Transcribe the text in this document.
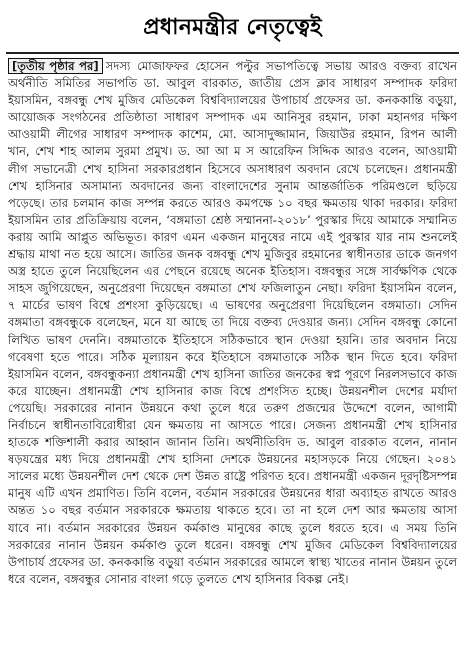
প্রধানমন্ত্রীর নেতৃত্বেই

[তৃতীয় পৃষ্ঠার পর] সদস্য মোজাফফর হোসেন পল্টুর সভাপতিত্বে সভায় আরও বক্তব্য রাখেন অর্থনীতি সমিতির সভাপতি ডা. আবুল বারকাত, জাতীয় প্রেস ক্লাব সাধারণ সম্পাদক ফরিদা ইয়াসমিন, বঙ্গবন্ধু শেখ মুজিব মেডিকেল বিশ্ববিদ্যালয়ের উপাচার্য প্রফেসর ডা. কনককান্তি বড়ুয়া, আয়োজক সংগঠনের প্রতিষ্ঠাতা সাধারণ সম্পাদক এম আনিসুর রহমান, ঢাকা মহানগর দক্ষিণ আওয়ামী লীগের সাধারণ সম্পাদক কাশেম, মো. আসাদুজ্জামান, জিয়াউর রহমান, রিপন আলী খান, শেখ শাহ আলম সুরমা প্রমুখ। ড. আ আ ম স আরেফিন সিদ্দিক আরও বলেন, আওয়ামী লীগ সভানেত্রী শেখ হাসিনা সরকারপ্রধান হিসেবে অসাধারণ অবদান রেখে চলেছেন। প্রধানমন্ত্রী শেখ হাসিনার অসামান্য অবদানের জন্য বাংলাদেশের সুনাম আন্তর্জাতিক পরিমণ্ডলে ছড়িয়ে পড়েছে। তার চলমান কাজ সম্পন্ন করতে আরও কমপক্ষে ১০ বছর ক্ষমতায় থাকা দরকার। ফরিদা ইয়াসমিন তার প্রতিক্রিয়ায় বলেন, ‘বঙ্গমাতা শ্রেষ্ঠ সম্মাননা-২০১৮’ পুরস্কার দিয়ে আমাকে সম্মানিত করায় আমি আপ্লুত অভিভূত। কারণ এমন একজন মানুষের নামে এই পুরস্কার যার নাম শুনলেই শ্রদ্ধায় মাথা নত হয়ে আসে। জাতির জনক বঙ্গবন্ধু শেখ মুজিবুর রহমানের স্বাধীনতার ডাকে জনগণ অস্ত্র হাতে তুলে নিয়েছিলেন এর পেছনে রয়েছে অনেক ইতিহাস। বঙ্গবন্ধুর সঙ্গে সার্বক্ষণিক থেকে সাহস জুগিয়েছেন, অনুপ্রেরণা দিয়েছেন বঙ্গমাতা শেখ ফজিলাতুন নেছা। ফরিদা ইয়াসমিন বলেন, ৭ মার্চের ভাষণ বিশ্বে প্রশংসা কুড়িয়েছে। এ ভাষণের অনুপ্রেরণা দিয়েছিলেন বঙ্গমাতা। সেদিন বঙ্গমাতা বঙ্গবন্ধুকে বলেছেন, মনে যা আছে তা দিয়ে বক্তব্য দেওয়ার জন্য। সেদিন বঙ্গবন্ধু কোনো লিখিত ভাষণ দেননি। বঙ্গমাতাকে ইতিহাসে সঠিকভাবে স্থান দেওয়া হয়নি। তার অবদান নিয়ে গবেষণা হতে পারে। সঠিক মূল্যায়ন করে ইতিহাসে বঙ্গমাতাকে সঠিক স্থান দিতে হবে। ফরিদা ইয়াসমিন বলেন, বঙ্গবন্ধুকন্যা প্রধানমন্ত্রী শেখ হাসিনা জাতির জনকের স্বপ্ন পূরণে নিরলসভাবে কাজ করে যাচ্ছেন। প্রধানমন্ত্রী শেখ হাসিনার কাজ বিশ্বে প্রশংসিত হচ্ছে। উন্নয়নশীল দেশের মর্যাদা পেয়েছি। সরকারের নানান উন্নয়নে কথা তুলে ধরে তরুণ প্রজন্মের উদ্দেশে বলেন, আগামী নির্বাচনে স্বাধীনতাবিরোধীরা যেন ক্ষমতায় না আসতে পারে। সেজন্য প্রধানমন্ত্রী শেখ হাসিনার হাতকে শক্তিশালী করার আহ্বান জানান তিনি। অর্থনীতিবিদ ড. আবুল বারকাত বলেন, নানান ষড়যন্ত্রের মধ্য দিয়ে প্রধানমন্ত্রী শেখ হাসিনা দেশকে উন্নয়নের মহাসড়কে নিয়ে গেছেন। ২০৪১ সালের মধ্যে উন্নয়নশীল দেশ থেকে দেশ উন্নত রাষ্ট্রে পরিণত হবে। প্রধানমন্ত্রী একজন দূরদৃষ্টিসম্পন্ন মানুষ এটি এখন প্রমাণিত। তিনি বলেন, বর্তমান সরকারের উন্নয়নের ধারা অব্যাহত রাখতে আরও অন্তত ১০ বছর বর্তমান সরকারকে ক্ষমতায় থাকতে হবে। তা না হলে দেশ আর ক্ষমতায় আসা যাবে না। বর্তমান সরকারের উন্নয়ন কর্মকাণ্ড মানুষের কাছে তুলে ধরতে হবে। এ সময় তিনি সরকারের নানান উন্নয়ন কর্মকাণ্ড তুলে ধরেন। বঙ্গবন্ধু শেখ মুজিব মেডিকেল বিশ্ববিদ্যালয়ের উপাচার্য প্রফেসর ডা. কনককান্তি বড়ুয়া বর্তমান সরকারের আমলে স্বাস্থ্য খাতের নানান উন্নয়ন তুলে ধরে বলেন, বঙ্গবন্ধুর সোনার বাংলা গড়ে তুলতে শেখ হাসিনার বিকল্প নেই।
